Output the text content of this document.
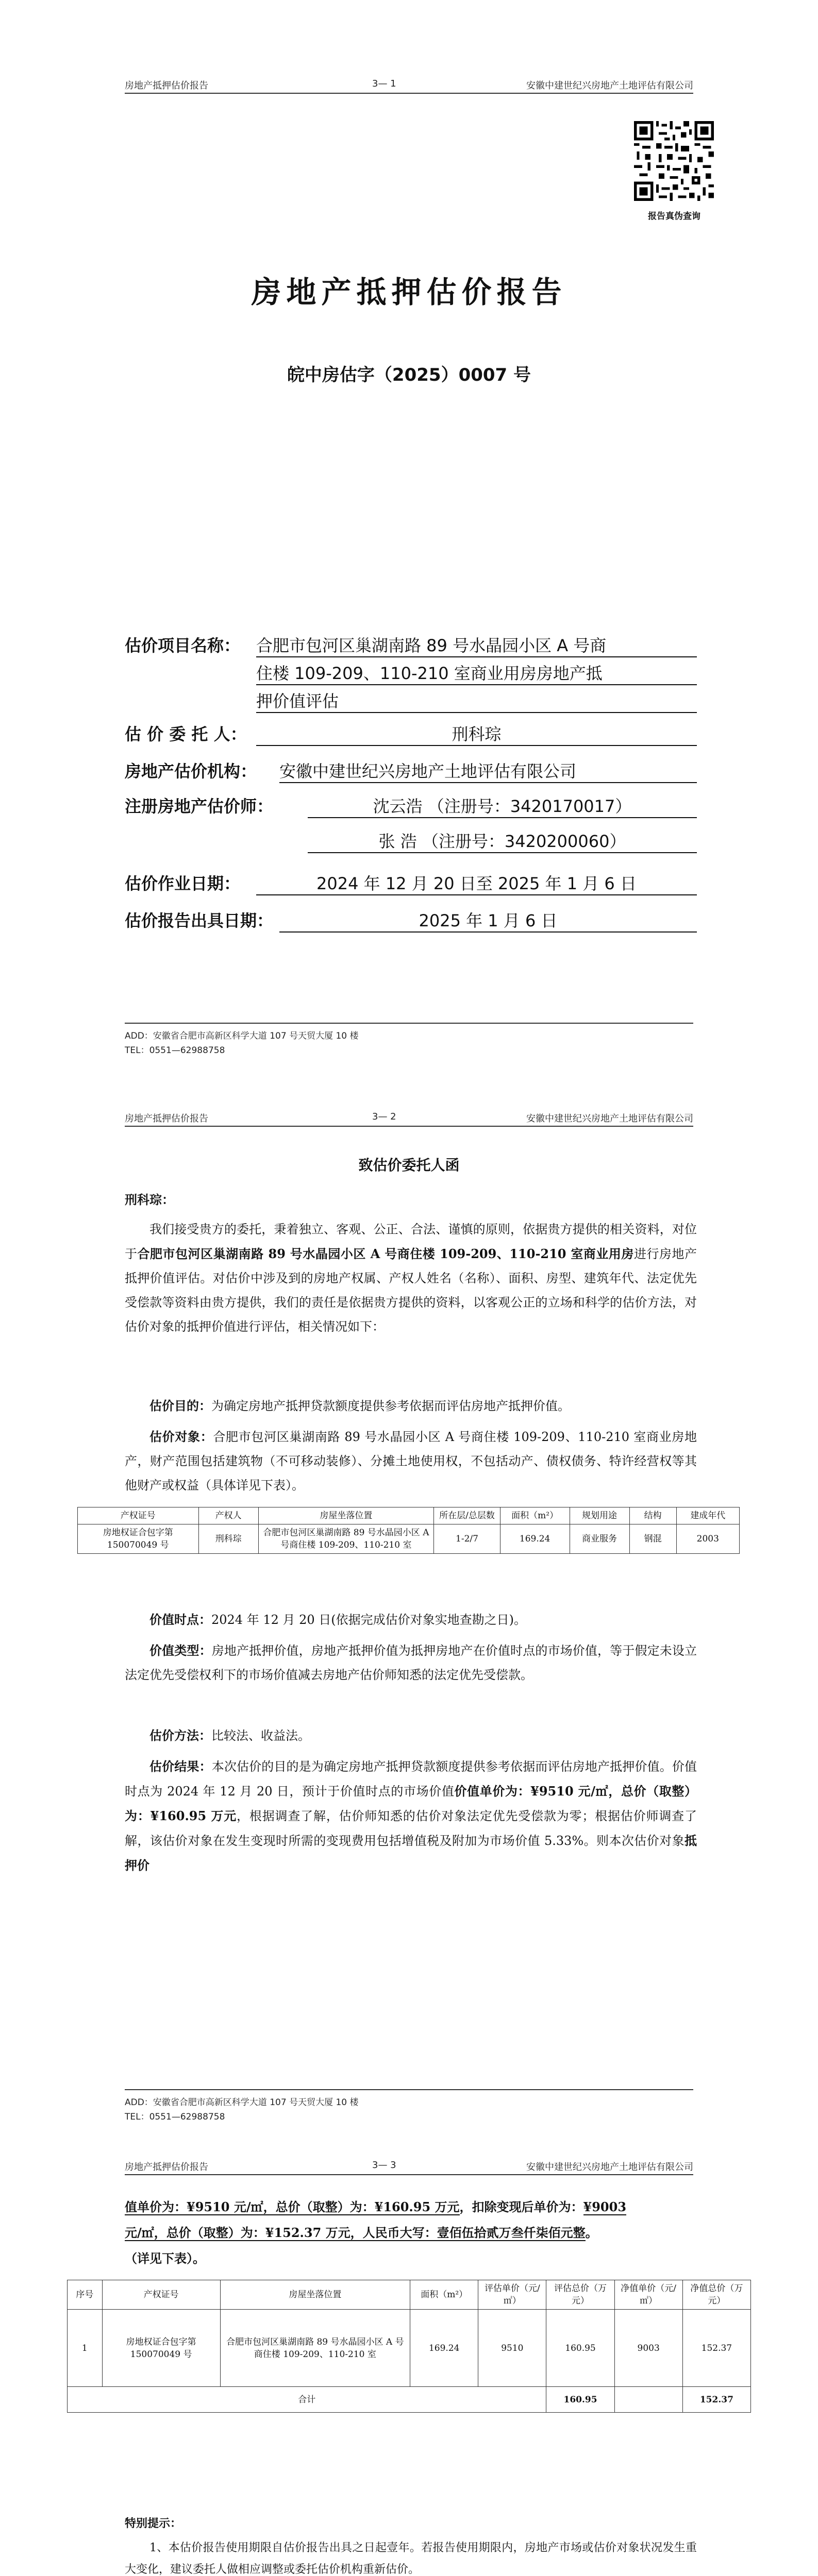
房地产抵押估价报告	3— 1	安徽中建世纪兴房地产土地评估有限公司
报告真伪查询
房地产抵押估价报告
皖中房估字（2025）0007 号
估价项目名称： 合肥市包河区巢湖南路 89 号水晶园小区 A 号商
住楼 109-209、110-210 室商业用房房地产抵
押价值评估
估 价 委 托 人：	刑科琮
房地产估价机构： 安徽中建世纪兴房地产土地评估有限公司
注册房地产估价师：	沈云浩 （注册号：3420170017）
张 浩 （注册号：3420200060）
估价作业日期：	2024 年 12 月 20 日至 2025 年 1 月 6 日
估价报告出具日期：	2025 年 1 月 6 日
ADD：安徽省合肥市高新区科学大道 107 号天贸大厦 10 楼
TEL：0551—62988758
房地产抵押估价报告	3— 2	安徽中建世纪兴房地产土地评估有限公司
致估价委托人函
刑科琮：
我们接受贵方的委托，秉着独立、客观、公正、合法、谨慎的原则，依据贵方提供的相关资料，对位于合肥市包河区巢湖南路 89 号水晶园小区 A 号商住楼 109-209、110-210 室商业用房进行房地产抵押价值评估。对估价中涉及到的房地产权属、产权人姓名（名称）、面积、房型、建筑年代、法定优先受偿款等资料由贵方提供，我们的责任是依据贵方提供的资料，以客观公正的立场和科学的估价方法，对估价对象的抵押价值进行评估，相关情况如下：
估价目的：为确定房地产抵押贷款额度提供参考依据而评估房地产抵押价值。
估价对象：合肥市包河区巢湖南路 89 号水晶园小区 A 号商住楼 109-209、110-210 室商业房地产，财产范围包括建筑物（不可移动装修）、分摊土地使用权，不包括动产、债权债务、特许经营权等其他财产或权益（具体详见下表）。
产权证号	产权人	房屋坐落位置	所在层/总层数	面积（m²）	规划用途	结构	建成年代
房地权证合包字第 150070049 号	刑科琮	合肥市包河区巢湖南路 89 号水晶园小区 A 号商住楼 109-209、110-210 室	1-2/7	169.24	商业服务	钢混	2003
价值时点：2024 年 12 月 20 日(依据完成估价对象实地查勘之日)。
价值类型：房地产抵押价值，房地产抵押价值为抵押房地产在价值时点的市场价值，等于假定未设立法定优先受偿权利下的市场价值减去房地产估价师知悉的法定优先受偿款。
估价方法：比较法、收益法。
估价结果：本次估价的目的是为确定房地产抵押贷款额度提供参考依据而评估房地产抵押价值。价值时点为 2024 年 12 月 20 日，预计于价值时点的市场价值价值单价为：¥9510 元/㎡，总价（取整）为：¥160.95 万元，根据调查了解，估价师知悉的估价对象法定优先受偿款为零；根据估价师调查了解，该估价对象在发生变现时所需的变现费用包括增值税及附加为市场价值 5.33%。则本次估价对象抵押价
ADD：安徽省合肥市高新区科学大道 107 号天贸大厦 10 楼
TEL：0551—62988758
房地产抵押估价报告	3— 3	安徽中建世纪兴房地产土地评估有限公司
值单价为：¥9510 元/㎡，总价（取整）为：¥160.95 万元，扣除变现后单价为：¥9003
元/㎡，总价（取整）为：¥152.37 万元，人民币大写：壹佰伍拾贰万叁仟柒佰元整。
（详见下表）。
序号	产权证号	房屋坐落位置	面积（m²）	评估单价（元/㎡）	评估总价（万元）	净值单价（元/㎡）	净值总价（万元）
1	房地权证合包字第 150070049 号	合肥市包河区巢湖南路 89 号水晶园小区 A 号商住楼 109-209、110-210 室	169.24	9510	160.95	9003	152.37
合计					160.95		152.37
特别提示：
1、本估价报告使用期限自估价报告出具之日起壹年。若报告使用期限内，房地产市场或估价对象状况发生重大变化，建议委托人做相应调整或委托估价机构重新估价。
